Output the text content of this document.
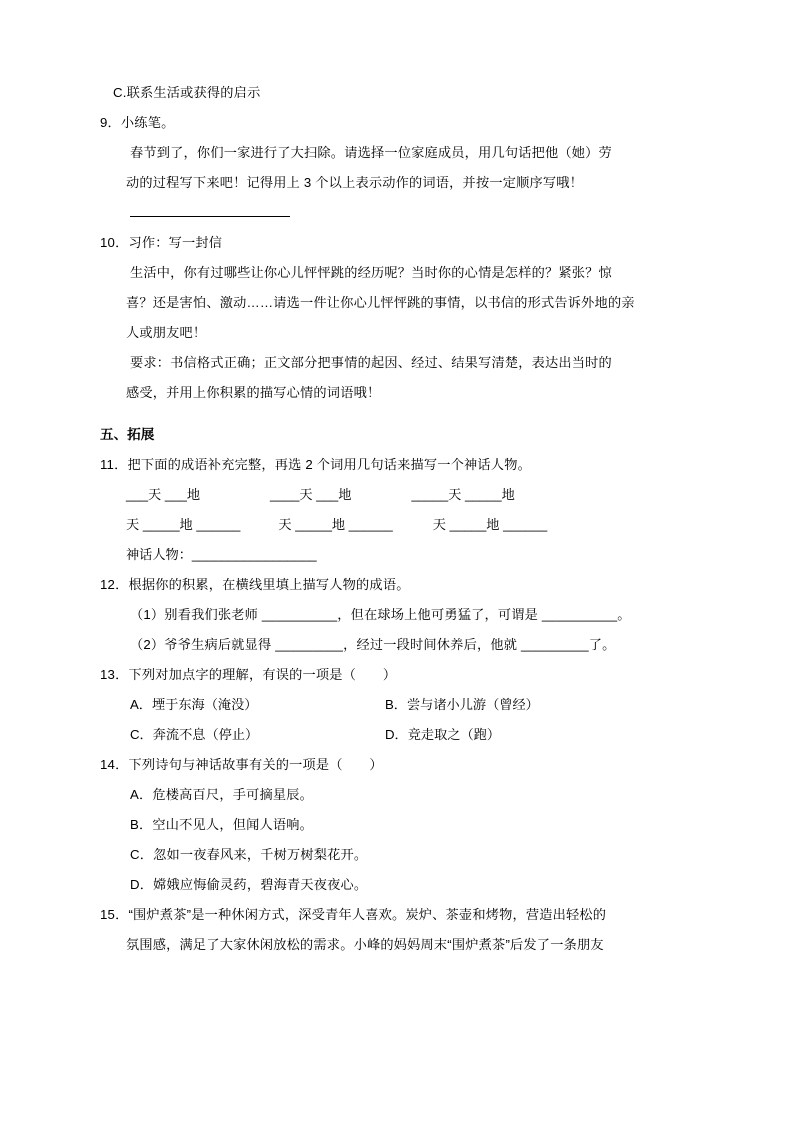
C.联系生活或获得的启示
9．小练笔。
春节到了，你们一家进行了大扫除。请选择一位家庭成员，用几句话把他（她）劳
动的过程写下来吧！记得用上 3 个以上表示动作的词语，并按一定顺序写哦！
10．习作：写一封信
生活中，你有过哪些让你心儿怦怦跳的经历呢？当时你的心情是怎样的？紧张？惊
喜？还是害怕、激动……请选一件让你心儿怦怦跳的事情，以书信的形式告诉外地的亲
人或朋友吧！
要求：书信格式正确；正文部分把事情的起因、经过、结果写清楚，表达出当时的
感受，并用上你积累的描写心情的词语哦！
五、拓展
11．把下面的成语补充完整，再选 2 个词用几句话来描写一个神话人物。
___天 ___地	____天 ___地	_____天 _____地
天 _____地 ______	天 _____地 ______	天 _____地 ______
神话人物：_________________
12．根据你的积累，在横线里填上描写人物的成语。
（1）别看我们张老师 __________，但在球场上他可勇猛了，可谓是 __________。
（2）爷爷生病后就显得 _________，经过一段时间休养后，他就 _________了。
13．下列对加点字的理解，有误的一项是（　　）
A．堙于东海（淹没）	B．尝与诸小儿游（曾经）
C．奔流不息（停止）	D．竞走取之（跑）
14．下列诗句与神话故事有关的一项是（　　）
A．危楼高百尺，手可摘星辰。
B．空山不见人，但闻人语响。
C．忽如一夜春风来，千树万树梨花开。
D．嫦娥应悔偷灵药，碧海青天夜夜心。
15．“围炉煮茶”是一种休闲方式，深受青年人喜欢。炭炉、茶壶和烤物，营造出轻松的
氛围感，满足了大家休闲放松的需求。小峰的妈妈周末“围炉煮茶”后发了一条朋友
